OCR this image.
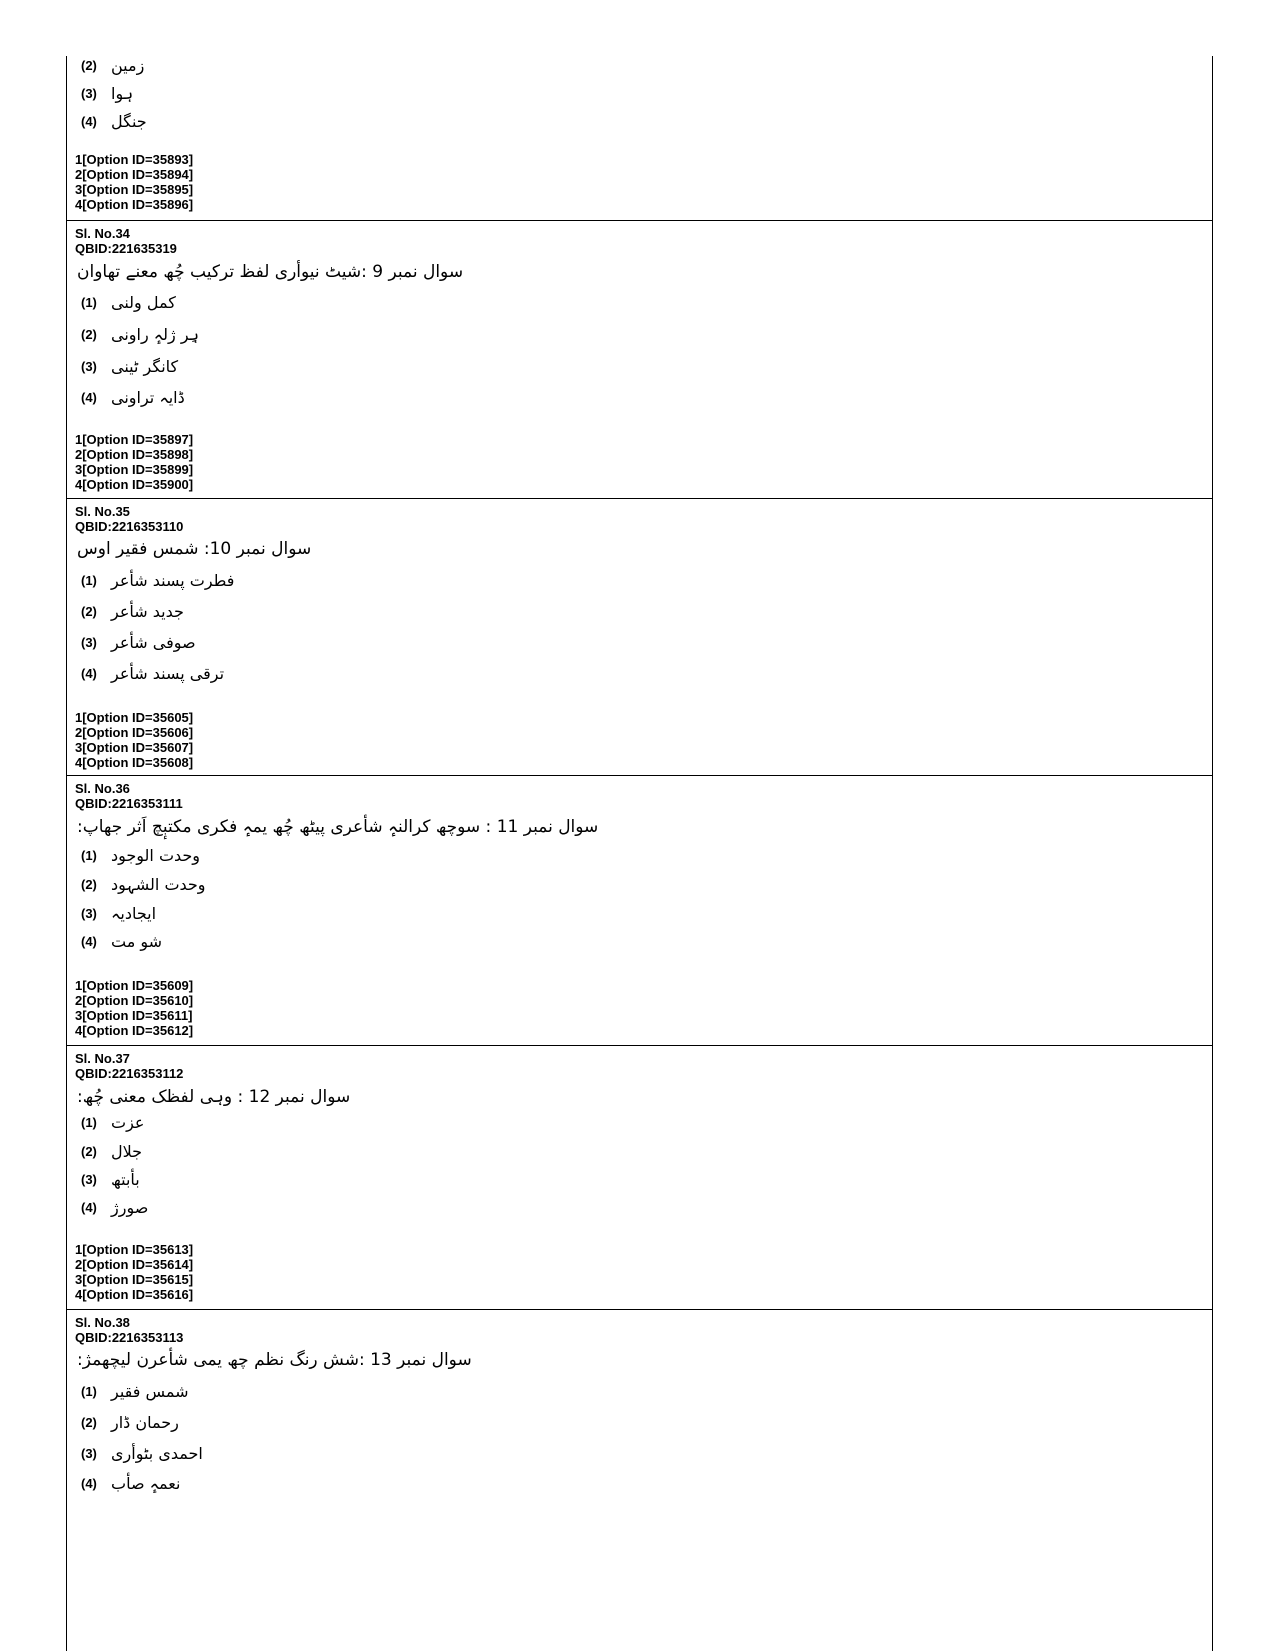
(2) زمین
(3) ہوا
(4) جنگل
1[Option ID=35893]
2[Option ID=35894]
3[Option ID=35895]
4[Option ID=35896]
Sl. No.34
QBID:221635319
سوال نمبر 9 :شیٹ نیوأری لفظ ترکیب چُھ معنے تھاوان
(1) کمل ولنی
(2) ہِر ژلہٕ راونی
(3) کانگر ٹینی
(4) ڈایہ تراونی
1[Option ID=35897]
2[Option ID=35898]
3[Option ID=35899]
4[Option ID=35900]
Sl. No.35
QBID:2216353110
سوال نمبر 10: شمس فقیر اوس
(1) فطرت پسند شأعر
(2) جدید شأعر
(3) صوفی شأعر
(4) ترقی پسند شأعر
1[Option ID=35605]
2[Option ID=35606]
3[Option ID=35607]
4[Option ID=35608]
Sl. No.36
QBID:2216353111
سوال نمبر 11 : سوچھ کرالنہٕ شأعری پیٹھ چُھ یمہٕ فکری مکتبٕچ اَثر جھاپ:
(1) وحدت الوجود
(2) وحدت الشہود
(3) ایجادیہ
(4) شو مت
1[Option ID=35609]
2[Option ID=35610]
3[Option ID=35611]
4[Option ID=35612]
Sl. No.37
QBID:2216353112
سوال نمبر 12 : وہی لفظک معنی چُھ:
(1) عزت
(2) جلال
(3) بأبتھ
(4) صورژ
1[Option ID=35613]
2[Option ID=35614]
3[Option ID=35615]
4[Option ID=35616]
Sl. No.38
QBID:2216353113
سوال نمبر 13 :شش رنگ نظم چھ یمی شأعرن لیچھمژ:
(1) شمس فقیر
(2) رحمان ڈار
(3) احمدی بٹوأری
(4) نعمہٕ صأب
